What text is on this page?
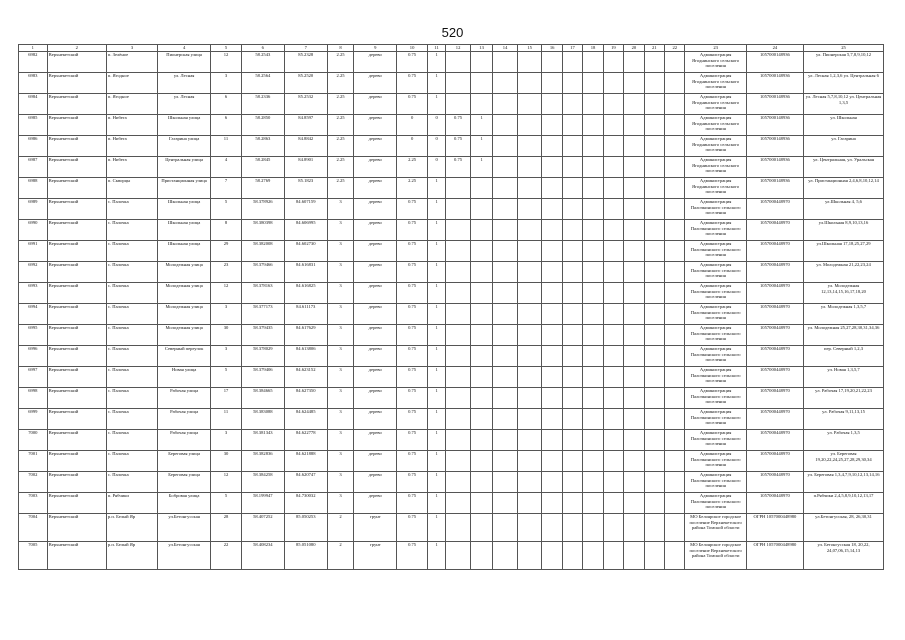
520
1	2	3	4	5	6	7	8	9	10	11	12	13	14	15	16	17	18	19	20	21	22	23	24	25
6982	Верхнекетский	п. Зелёное	Пионерская улица	12	58.2543	85.2328	2.25	дерево	0.75	1												Администрация Ягоднинского сельского поселения	1057000148936	ул. Пионерская 5,7,8,9,10,12
6983	Верхнекетский	п. Ягодное	ул. Лесная	3	58.2564	85.2520	2.25	дерево	0.75	1												Администрация Ягоднинского сельского поселения	1057000148936	ул. Лесная 1,2,3,6 ул. Центральная 6
6984	Верхнекетский	п. Ягодное	ул. Лесная	6	58.2336	85.2532	2.25	дерево	0.75	1												Администрация Ягоднинского сельского поселения	1057000148936	ул. Лесная 5,7,8,10,12 ул. Центральная 1,3,5
6985	Верхнекетский	п. Нибега	Школьная улица	6	58.2850	84.8597	2.25	дерево	0	0	0.75	1										Администрация Ягоднинского сельского поселения	1057000148936	ул. Школьная
6986	Верхнекетский	п. Нибега	Гагарина улица	11	58.2863	84.8842	2.25	дерево	0	0	0.75	1										Администрация Ягоднинского сельского поселения	1057000148936	ул. Гагарина
6987	Верхнекетский	п. Нибега	Центральная улица	4	58.2845	84.8901	2.25	дерево	2.25	0	0.75	1										Администрация Ягоднинского сельского поселения	1057000148936	ул. Центральная, ул. Уральская
6988	Верхнекетский	п. Скворцы	Пристанционная улица	7	58.2769	85.1823	2.25	дерево	2.25	1												Администрация Ягоднинского сельского поселения	1057000148936	ул. Пристанционная 2,4,6,8,10,12,14
6989	Верхнекетский	с. Палочка	Школьная улица	5	58.378926	84.607159	3	дерево	0.75	1												Администрация Палочкинского сельского поселения	1057000448970	ул.Школьная 4, 5,6
6990	Верхнекетский	с. Палочка	Школьная улица	8	58.380398	84.606995	3	дерево	0.75	1												Администрация Палочкинского сельского поселения	1057000448970	ул.Школьная 8,9,10,13,16
6991	Верхнекетский	с. Палочка	Школьная улица	29	58.382008	84.602730	3	дерево	0.75	1												Администрация Палочкинского сельского поселения	1057000448970	ул.Школьная 17,18,25,27,29
6992	Верхнекетский	с. Палочка	Молодежная улица	23	58.379466	84.616831	3	дерево	0.75	1												Администрация Палочкинского сельского поселения	1057000448970	ул. Молодежная 21,22,23,24
6993	Верхнекетский	с. Палочка	Молодежная улица	12	58.378163	84.616825	3	дерево	0.75	1												Администрация Палочкинского сельского поселения	1057000448970	ул. Молодежная 12,13,14,15,16,17,18,20
6994	Верхнекетский	с. Палочка	Молодежная улица	3	58.377173	84.611173	3	дерево	0.75	1												Администрация Палочкинского сельского поселения	1057000448970	ул. Молодежная 1,3,5,7
6995	Верхнекетский	с. Палочка	Молодежная улица	30	58.379435	84.617629	3	дерево	0.75	1												Администрация Палочкинского сельского поселения	1057000448970	ул. Молодежная 25,27,28,30,31,34,36
6996	Верхнекетский	с. Палочка	Северный переулок	3	58.378029	84.613806	3	дерево	0.75	1												Администрация Палочкинского сельского поселения	1057000448970	пер. Северный 1,2,3
6997	Верхнекетский	с. Палочка	Новая улица	5	58.379406	84.623152	3	дерево	0.75	1												Администрация Палочкинского сельского поселения	1057000448970	ул. Новая 1,3,5,7
6998	Верхнекетский	с. Палочка	Рабочая улица	17	58.384665	84.627350	3	дерево	0.75	1												Администрация Палочкинского сельского поселения	1057000448970	ул. Рабочая 17,19,20,21,22,23
6999	Верхнекетский	с. Палочка	Рабочая улица	11	58.383088	84.624485	3	дерево	0.75	1												Администрация Палочкинского сельского поселения	1057000448970	ул. Рабочая 9,11,13,15
7000	Верхнекетский	с. Палочка	Рабочая улица	3	58.381343	84.622778	3	дерево	0.75	1												Администрация Палочкинского сельского поселения	1057000448970	ул. Рабочая 1,3,5
7001	Верхнекетский	с. Палочка	Береговая улица	30	58.382836	84.621888	3	дерево	0.75	1												Администрация Палочкинского сельского поселения	1057000448970	ул. Береговая 19,20,22,24,25,27,28,29,30,34
7002	Верхнекетский	с. Палочка	Береговая улица	12	58.384258	84.620747	3	дерево	0.75	1												Администрация Палочкинского сельского поселения	1057000448970	ул. Береговая 1,3,4,7,9,10,12,13,14,16
7003	Верхнекетский	п. Рябчики	Бобровая улица	5	58.199947	84.730032	3	дерево	0.75	1												Администрация Палочкинского сельского поселения	1057000448970	п.Рябчики 2,4,5,8,9,10,12,13,17
7004	Верхнекетский	р.п. Белый Яр	ул.Бетонгусская	28	58.407252	85.050253	2	грунт	0.75	1												МО Белоярское городское поселение Верхнекетского района Томской области	ОГРН 1057000448980	ул.Бетонгусская, 28, 26,30,31
7005	Верхнекетский	р.п. Белый Яр	ул.Бетонгусская	22	58.408234	85.051080	2	грунт	0.75	1												МО Белоярское городское поселение Верхнекетского района Томской области	ОГРН 1057000448980	ул. Бетонгусская 18, 20,22, 24,07,06,15,14,13
